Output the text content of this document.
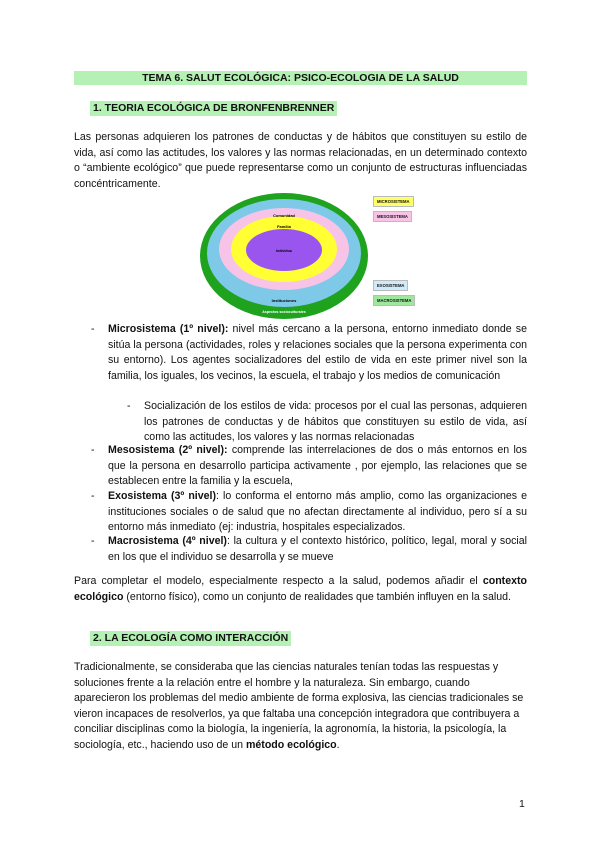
TEMA 6. SALUT ECOLÓGICA: PSICO-ECOLOGIA DE LA SALUD
1. TEORIA ECOLÓGICA DE BRONFENBRENNER
Las personas adquieren los patrones de conductas y de hábitos que constituyen su estilo de vida, así como las actitudes, los valores y las normas relacionadas, en un determinado contexto o “ambiente ecológico” que puede representarse como un conjunto de estructuras influenciadas concéntricamente.
Comunidad
Familia
Individuo
Instituciones
Aspectos socioculturales
MICROSISTEMA
MESOSISTEMA
EXOSISTEMA
MACROSISTEMA
- Microsistema (1º nivel): nivel más cercano a la persona, entorno inmediato donde se sitúa la persona (actividades, roles y relaciones sociales que la persona experimenta con su entorno). Los agentes socializadores del estilo de vida en este primer nivel son la familia, los iguales, los vecinos, la escuela, el trabajo y los medios de comunicación
- Socialización de los estilos de vida: procesos por el cual las personas, adquieren los patrones de conductas y de hábitos que constituyen su estilo de vida, así como las actitudes, los valores y las normas relacionadas
- Mesosistema (2º nivel): comprende las interrelaciones de dos o más entornos en los que la persona en desarrollo participa activamente , por ejemplo, las relaciones que se establecen entre la familia y la escuela,
- Exosistema (3º nivel): lo conforma el entorno más amplio, como las organizaciones e instituciones sociales o de salud que no afectan directamente al individuo, pero sí a su entorno más inmediato (ej: industria, hospitales especializados.
- Macrosistema (4º nivel): la cultura y el contexto histórico, político, legal, moral y social en los que el individuo se desarrolla y se mueve
Para completar el modelo, especialmente respecto a la salud, podemos añadir el contexto ecológico (entorno físico), como un conjunto de realidades que también influyen en la salud.
2. LA ECOLOGÍA COMO INTERACCIÓN
Tradicionalmente, se consideraba que las ciencias naturales tenían todas las respuestas y soluciones frente a la relación entre el hombre y la naturaleza. Sin embargo, cuando aparecieron los problemas del medio ambiente de forma explosiva, las ciencias tradicionales se vieron incapaces de resolverlos, ya que faltaba una concepción integradora que contribuyera a conciliar disciplinas como la biología, la ingeniería, la agronomía, la historia, la psicología, la sociología, etc., haciendo uso de un método ecológico.
1
